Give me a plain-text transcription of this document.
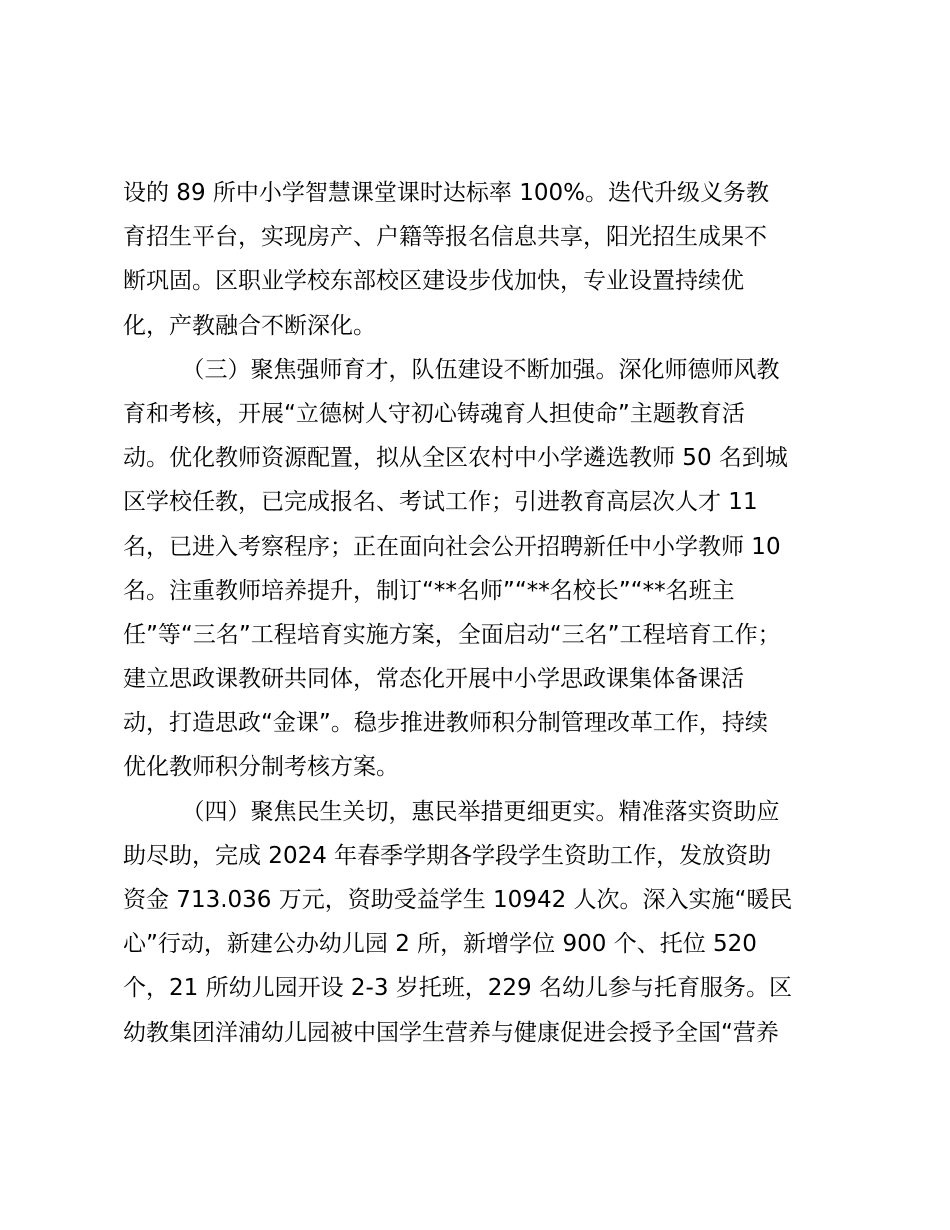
设的 89 所中小学智慧课堂课时达标率 100%。迭代升级义务教
育招生平台，实现房产、户籍等报名信息共享，阳光招生成果不
断巩固。区职业学校东部校区建设步伐加快，专业设置持续优
化，产教融合不断深化。
（三）聚焦强师育才，队伍建设不断加强。深化师德师风教
育和考核，开展“立德树人守初心铸魂育人担使命”主题教育活
动。优化教师资源配置，拟从全区农村中小学遴选教师 50 名到城
区学校任教，已完成报名、考试工作；引进教育高层次人才 11
名，已进入考察程序；正在面向社会公开招聘新任中小学教师 10
名。注重教师培养提升，制订“**名师”“**名校长”“**名班主
任”等“三名”工程培育实施方案，全面启动“三名”工程培育工作；
建立思政课教研共同体，常态化开展中小学思政课集体备课活
动，打造思政“金课”。稳步推进教师积分制管理改革工作，持续
优化教师积分制考核方案。
（四）聚焦民生关切，惠民举措更细更实。精准落实资助应
助尽助，完成 2024 年春季学期各学段学生资助工作，发放资助
资金 713.036 万元，资助受益学生 10942 人次。深入实施“暖民
心”行动，新建公办幼儿园 2 所，新增学位 900 个、托位 520
个，21 所幼儿园开设 2-3 岁托班，229 名幼儿参与托育服务。区
幼教集团洋浦幼儿园被中国学生营养与健康促进会授予全国“营养
